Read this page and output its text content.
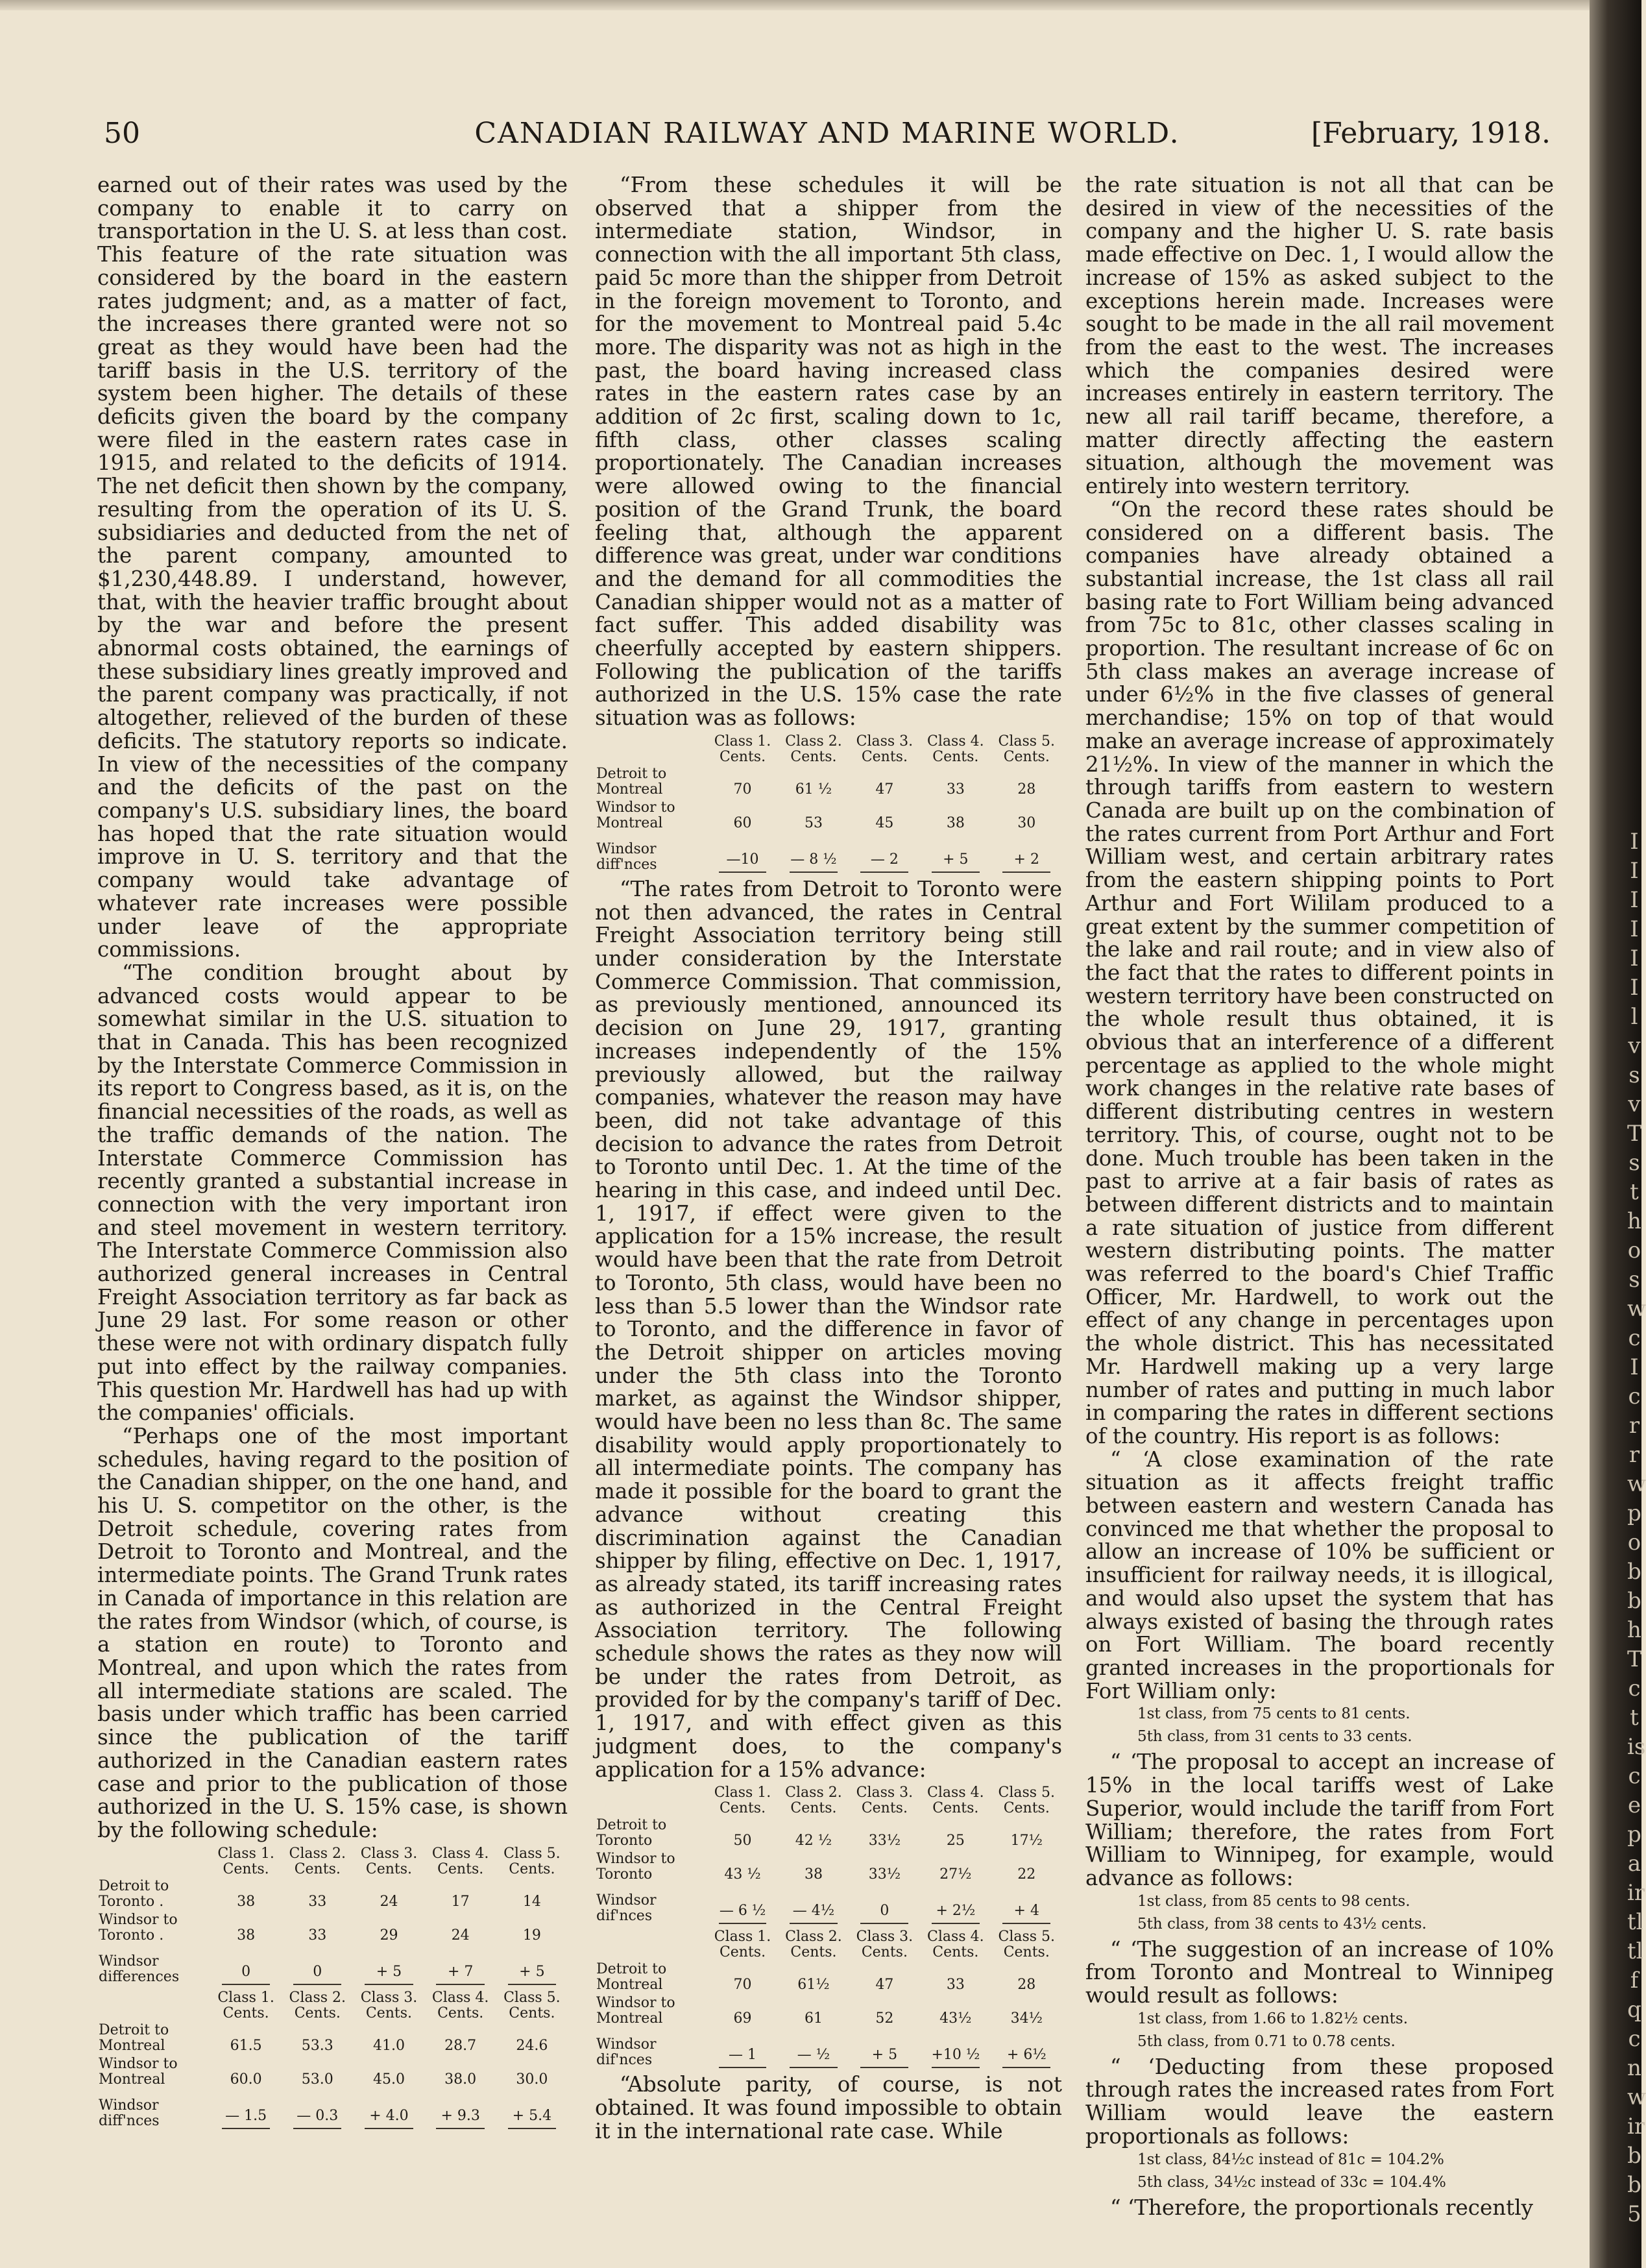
CANADIAN RAILWAY AND MARINE WORLD.
50	[February, 1918.

earned out of their rates was used by the company to enable it to carry on transportation in the U. S. at less than cost. This feature of the rate situation was considered by the board in the eastern rates judgment; and, as a matter of fact, the increases there granted were not so great as they would have been had the tariff basis in the U.S. territory of the system been higher. The details of these deficits given the board by the company were filed in the eastern rates case in 1915, and related to the deficits of 1914. The net deficit then shown by the company, resulting from the operation of its U. S. subsidiaries and deducted from the net of the parent company, amounted to $1,230,448.89. I understand, however, that, with the heavier traffic brought about by the war and before the present abnormal costs obtained, the earnings of these subsidiary lines greatly improved and the parent company was practically, if not altogether, relieved of the burden of these deficits. The statutory reports so indicate. In view of the necessities of the company and the deficits of the past on the company's U.S. subsidiary lines, the board has hoped that the rate situation would improve in U. S. territory and that the company would take advantage of whatever rate increases were possible under leave of the appropriate commissions.

“The condition brought about by advanced costs would appear to be somewhat similar in the U.S. situation to that in Canada. This has been recognized by the Interstate Commerce Commission in its report to Congress based, as it is, on the financial necessities of the roads, as well as the traffic demands of the nation. The Interstate Commerce Commission has recently granted a substantial increase in connection with the very important iron and steel movement in western territory. The Interstate Commerce Commission also authorized general increases in Central Freight Association territory as far back as June 29 last. For some reason or other these were not with ordinary dispatch fully put into effect by the railway companies. This question Mr. Hardwell has had up with the companies' officials.

“Perhaps one of the most important schedules, having regard to the position of the Canadian shipper, on the one hand, and his U. S. competitor on the other, is the Detroit schedule, covering rates from Detroit to Toronto and Montreal, and the intermediate points. The Grand Trunk rates in Canada of importance in this relation are the rates from Windsor (which, of course, is a station en route) to Toronto and Montreal, and upon which the rates from all intermediate stations are scaled. The basis under which traffic has been carried since the publication of the tariff authorized in the Canadian eastern rates case and prior to the publication of those authorized in the U. S. 15% case, is shown by the following schedule:

	Class 1. Cents.	Class 2. Cents.	Class 3. Cents.	Class 4. Cents.	Class 5. Cents.
Detroit to Toronto .	38	33	24	17	14
Windsor to Toronto .	38	33	29	24	19
Windsor differences	0	0	+ 5	+ 7	+ 5
	Class 1. Cents.	Class 2. Cents.	Class 3. Cents.	Class 4. Cents.	Class 5. Cents.
Detroit to Montreal	61.5	53.3	41.0	28.7	24.6
Windsor to Montreal	60.0	53.0	45.0	38.0	30.0
Windsor diff'nces	— 1.5	— 0.3	+ 4.0	+ 9.3	+ 5.4

“From these schedules it will be observed that a shipper from the intermediate station, Windsor, in connection with the all important 5th class, paid 5c more than the shipper from Detroit in the foreign movement to Toronto, and for the movement to Montreal paid 5.4c more. The disparity was not as high in the past, the board having increased class rates in the eastern rates case by an addition of 2c first, scaling down to 1c, fifth class, other classes scaling proportionately. The Canadian increases were allowed owing to the financial position of the Grand Trunk, the board feeling that, although the apparent difference was great, under war conditions and the demand for all commodities the Canadian shipper would not as a matter of fact suffer. This added disability was cheerfully accepted by eastern shippers. Following the publication of the tariffs authorized in the U.S. 15% case the rate situation was as follows:

	Class 1. Cents.	Class 2. Cents.	Class 3. Cents.	Class 4. Cents.	Class 5. Cents.
Detroit to Montreal	70	61 ½	47	33	28
Windsor to Montreal	60	53	45	38	30
Windsor diff'nces	—10	— 8 ½	— 2	+ 5	+ 2

“The rates from Detroit to Toronto were not then advanced, the rates in Central Freight Association territory being still under consideration by the Interstate Commerce Commission. That commission, as previously mentioned, announced its decision on June 29, 1917, granting increases independently of the 15% previously allowed, but the railway companies, whatever the reason may have been, did not take advantage of this decision to advance the rates from Detroit to Toronto until Dec. 1. At the time of the hearing in this case, and indeed until Dec. 1, 1917, if effect were given to the application for a 15% increase, the result would have been that the rate from Detroit to Toronto, 5th class, would have been no less than 5.5 lower than the Windsor rate to Toronto, and the difference in favor of the Detroit shipper on articles moving under the 5th class into the Toronto market, as against the Windsor shipper, would have been no less than 8c. The same disability would apply proportionately to all intermediate points. The company has made it possible for the board to grant the advance without creating this discrimination against the Canadian shipper by filing, effective on Dec. 1, 1917, as already stated, its tariff increasing rates as authorized in the Central Freight Association territory. The following schedule shows the rates as they now will be under the rates from Detroit, as provided for by the company's tariff of Dec. 1, 1917, and with effect given as this judgment does, to the company's application for a 15% advance:

	Class 1. Cents.	Class 2. Cents.	Class 3. Cents.	Class 4. Cents.	Class 5. Cents.
Detroit to Toronto	50	42 ½	33½	25	17½
Windsor to Toronto	43 ½	38	33½	27½	22
Windsor dif'nces	— 6 ½	— 4½	0	+ 2½	+ 4
	Class 1. Cents.	Class 2. Cents.	Class 3. Cents.	Class 4. Cents.	Class 5. Cents.
Detroit to Montreal	70	61½	47	33	28
Windsor to Montreal	69	61	52	43½	34½
Windsor dif'nces	— 1	— ½	+ 5	+10 ½	+ 6½

“Absolute parity, of course, is not obtained. It was found impossible to obtain it in the international rate case. While

the rate situation is not all that can be desired in view of the necessities of the company and the higher U. S. rate basis made effective on Dec. 1, I would allow the increase of 15% as asked subject to the exceptions herein made. Increases were sought to be made in the all rail movement from the east to the west. The increases which the companies desired were increases entirely in eastern territory. The new all rail tariff became, therefore, a matter directly affecting the eastern situation, although the movement was entirely into western territory.

“On the record these rates should be considered on a different basis. The companies have already obtained a substantial increase, the 1st class all rail basing rate to Fort William being advanced from 75c to 81c, other classes scaling in proportion. The resultant increase of 6c on 5th class makes an average increase of under 6½% in the five classes of general merchandise; 15% on top of that would make an average increase of approximately 21½%. In view of the manner in which the through tariffs from eastern to western Canada are built up on the combination of the rates current from Port Arthur and Fort William west, and certain arbitrary rates from the eastern shipping points to Port Arthur and Fort Wililam produced to a great extent by the summer competition of the lake and rail route; and in view also of the fact that the rates to different points in western territory have been constructed on the whole result thus obtained, it is obvious that an interference of a different percentage as applied to the whole might work changes in the relative rate bases of different distributing centres in western territory. This, of course, ought not to be done. Much trouble has been taken in the past to arrive at a fair basis of rates as between different districts and to maintain a rate situation of justice from different western distributing points. The matter was referred to the board's Chief Traffic Officer, Mr. Hardwell, to work out the effect of any change in percentages upon the whole district. This has necessitated Mr. Hardwell making up a very large number of rates and putting in much labor in comparing the rates in different sections of the country. His report is as follows:

“ ‘A close examination of the rate situation as it affects freight traffic between eastern and western Canada has convinced me that whether the proposal to allow an increase of 10% be sufficient or insufficient for railway needs, it is illogical, and would also upset the system that has always existed of basing the through rates on Fort William. The board recently granted increases in the proportionals for Fort William only:

1st class, from 75 cents to 81 cents.
5th class, from 31 cents to 33 cents.

“ ‘The proposal to accept an increase of 15% in the local tariffs west of Lake Superior, would include the tariff from Fort William; therefore, the rates from Fort William to Winnipeg, for example, would advance as follows:

1st class, from 85 cents to 98 cents.
5th class, from 38 cents to 43½ cents.

“ ‘The suggestion of an increase of 10% from Toronto and Montreal to Winnipeg would result as follows:

1st class, from 1.66 to 1.82½ cents.
5th class, from 0.71 to 0.78 cents.

“ ‘Deducting from these proposed through rates the increased rates from Fort William would leave the eastern proportionals as follows:

1st class, 84½c instead of 81c = 104.2%
5th class, 34½c instead of 33c = 104.4%

“ ‘Therefore, the proportionals recently

I
I
I
I
I
I
l
v
s
v
T
s
t
h
o
s
w
c
I
c
r
r
w
p
o
b
b
h
T
c
t
is
c
e
p
a
ir
tl
tl
f
q
c
n
w
ir
b
b
5
